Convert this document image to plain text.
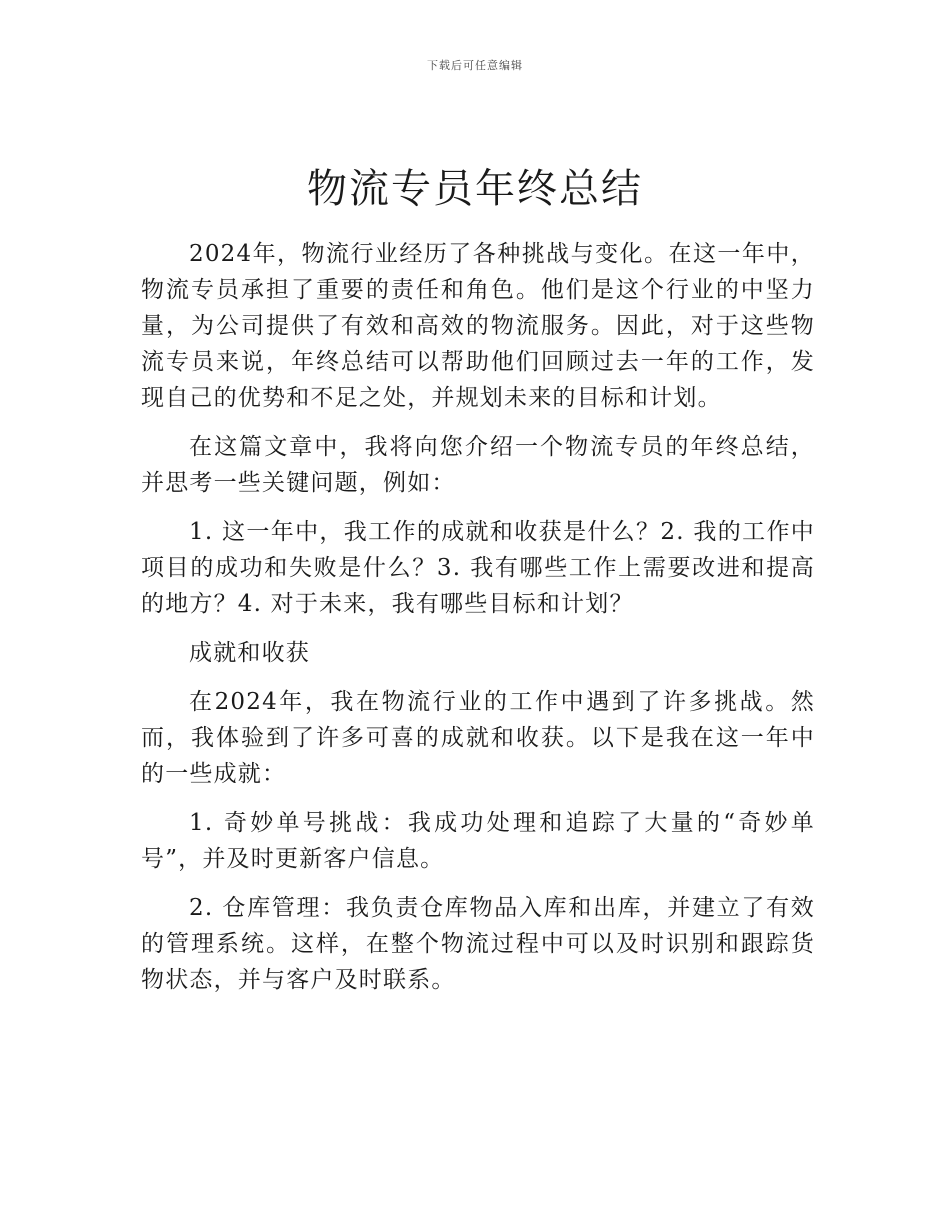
下载后可任意编辑
物流专员年终总结

2024年，物流行业经历了各种挑战与变化。在这一年中，物流专员承担了重要的责任和角色。他们是这个行业的中坚力量，为公司提供了有效和高效的物流服务。因此，对于这些物流专员来说，年终总结可以帮助他们回顾过去一年的工作，发现自己的优势和不足之处，并规划未来的目标和计划。

在这篇文章中，我将向您介绍一个物流专员的年终总结，并思考一些关键问题，例如：

1. 这一年中，我工作的成就和收获是什么？2. 我的工作中项目的成功和失败是什么？3. 我有哪些工作上需要改进和提高的地方？4. 对于未来，我有哪些目标和计划？

成就和收获

在2024年，我在物流行业的工作中遇到了许多挑战。然而，我体验到了许多可喜的成就和收获。以下是我在这一年中的一些成就：

1. 奇妙单号挑战：我成功处理和追踪了大量的“奇妙单号”，并及时更新客户信息。

2. 仓库管理：我负责仓库物品入库和出库，并建立了有效的管理系统。这样，在整个物流过程中可以及时识别和跟踪货物状态，并与客户及时联系。
